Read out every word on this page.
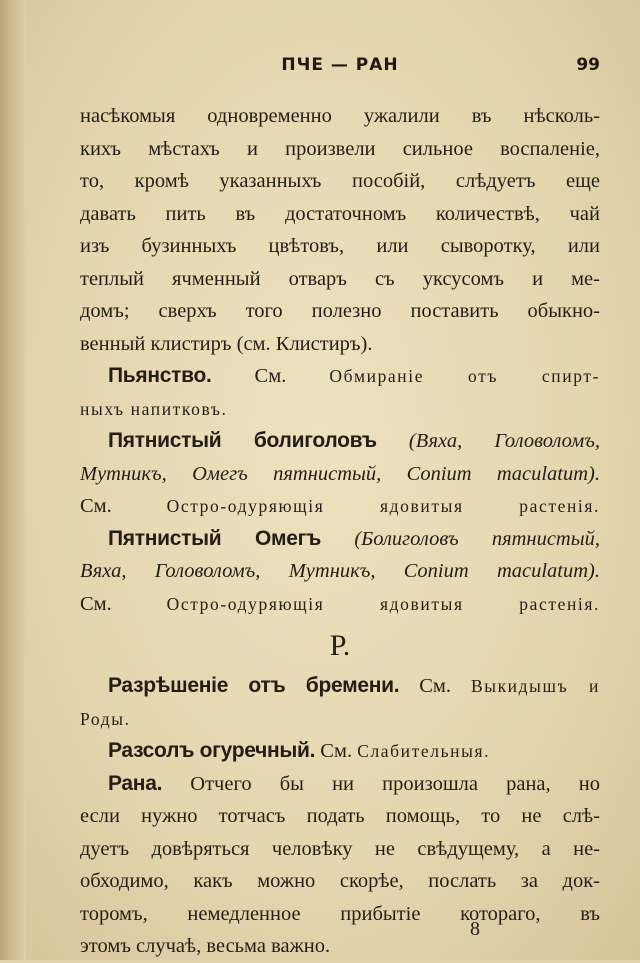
ПЧЕ — РАН	99
насѣкомыя одновременно ужалили въ нѣсколь-
кихъ мѣстахъ и произвели сильное воспаленіе,
то, кромѣ указанныхъ пособій, слѣдуетъ еще
давать пить въ достаточномъ количествѣ, чай
изъ бузинныхъ цвѣтовъ, или сыворотку, или
теплый ячменный отваръ съ уксусомъ и ме-
домъ; сверхъ того полезно поставить обыкно-
венный клистиръ (см. Клистиръ).
Пьянство. См. Обмираніе отъ спирт-
ныхъ напитковъ.
Пятнистый болиголовъ (Вяха, Головоломъ,
Мутникъ, Омегъ пятнистый, Conium maculatum).
См.	Остро-одуряющія ядовитыя растенія.
Пятнистый Омегъ (Болиголовъ пятнистый,
Вяха, Головоломъ, Мутникъ, Conium maculatum).
См.	Остро-одуряющія ядовитыя растенія.
Р.
Разрѣшеніе отъ бремени. См. Выкидышъ и
Роды.
Разсолъ огуречный. См. Слабительныя.
Рана. Отчего бы ни произошла рана, но
если нужно тотчасъ подать помощь, то не слѣ-
дуетъ довѣряться человѣку не свѣдущему, а не-
обходимо, какъ можно скорѣе, послать за док-
торомъ, немедленное прибытіе котораго, въ
этомъ случаѣ, весьма важно.
8
